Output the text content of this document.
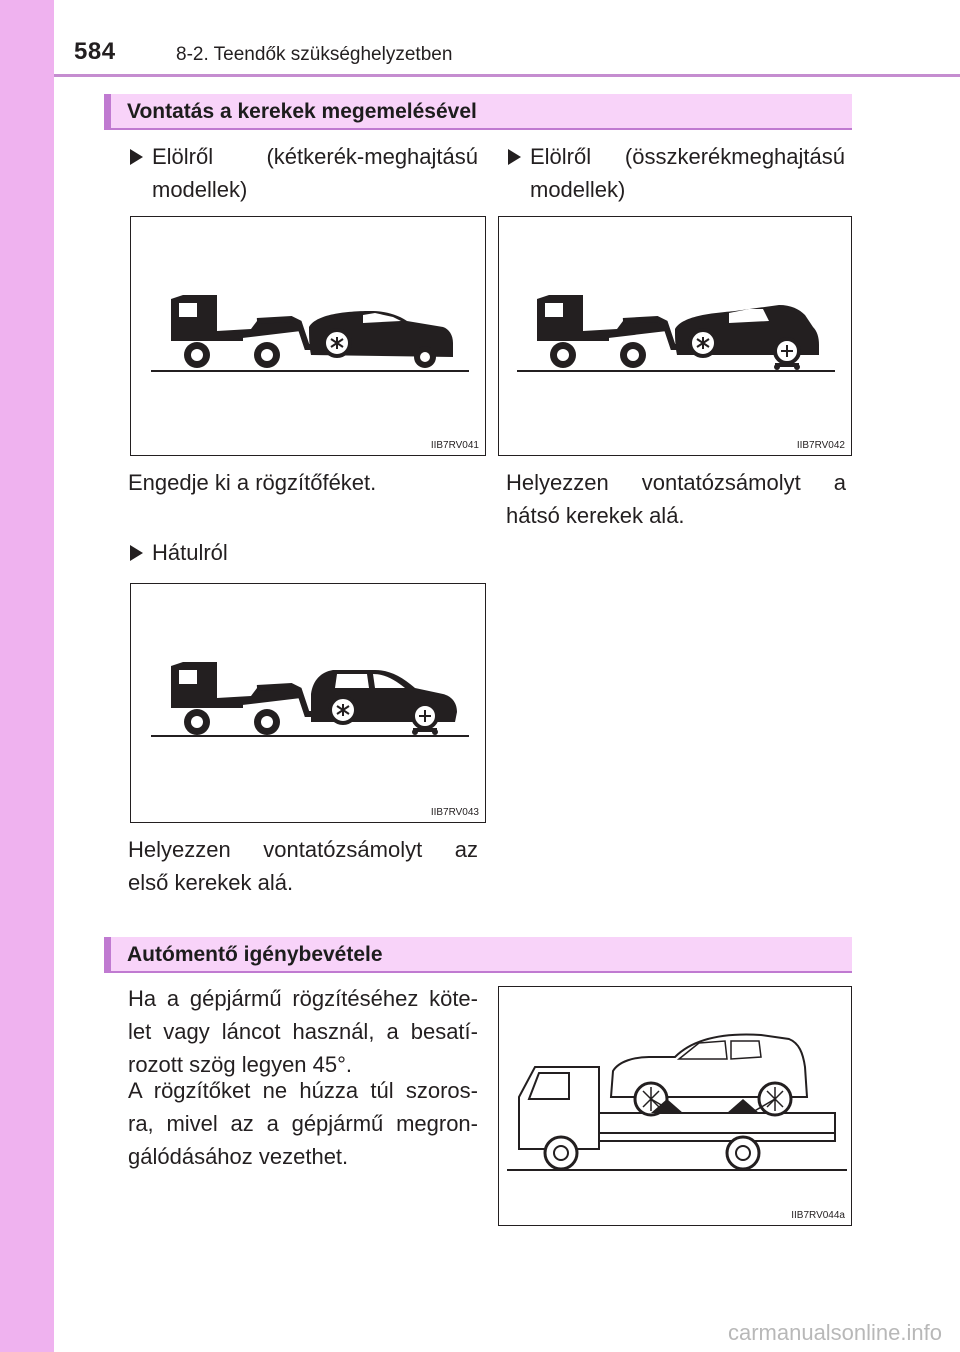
584	8-2. Teendők szükséghelyzetben
Vontatás a kerekek megemelésével
Elölről (kétkerék-meghajtású
modellek)
Elölről (összkerékmeghajtású
modellek)
IIB7RV041	IIB7RV042
Engedje ki a rögzítőféket.	Helyezzen vontatózsámolyt a
hátsó kerekek alá.
Hátulról
IIB7RV043
Helyezzen vontatózsámolyt az
első kerekek alá.
Autómentő igénybevétele
Ha a gépjármű rögzítéséhez köte-
let vagy láncot használ, a besatí-
rozott szög legyen 45°.
A rögzítőket ne húzza túl szoros-
ra, mivel az a gépjármű megron-
gálódásához vezethet.
IIB7RV044a
carmanualsonline.info
